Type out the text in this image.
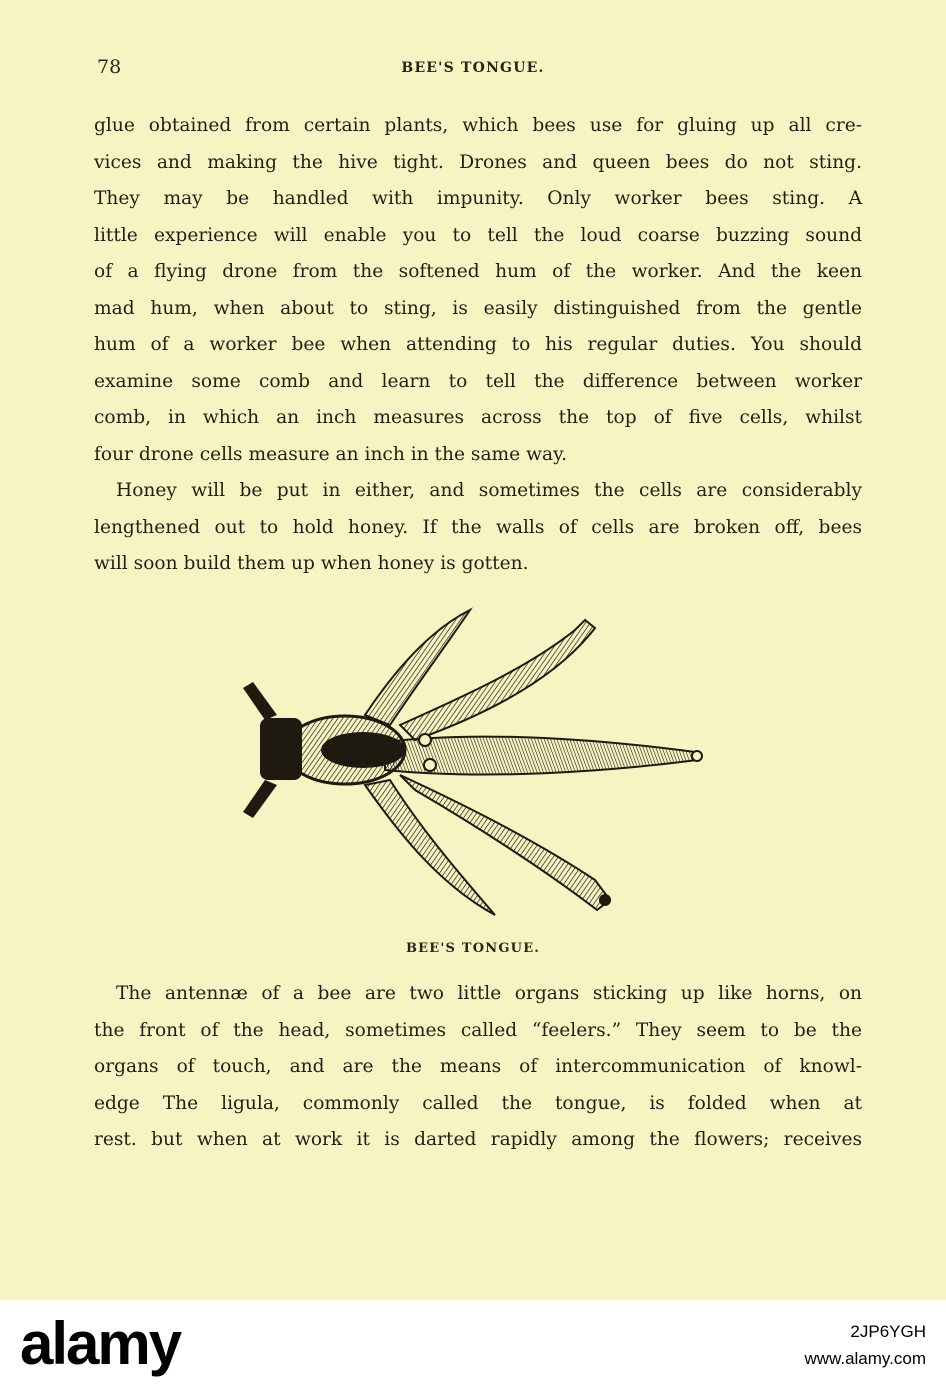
78	BEE'S TONGUE.
glue obtained from certain plants, which bees use for gluing up all cre-
vices and making the hive tight. Drones and queen bees do not sting.
They may be handled with impunity. Only worker bees sting. A
little experience will enable you to tell the loud coarse buzzing sound
of a flying drone from the softened hum of the worker. And the keen
mad hum, when about to sting, is easily distinguished from the gentle
hum of a worker bee when attending to his regular duties. You should
examine some comb and learn to tell the difference between worker
comb, in which an inch measures across the top of five cells, whilst
four drone cells measure an inch in the same way.
Honey will be put in either, and sometimes the cells are considerably
lengthened out to hold honey. If the walls of cells are broken off, bees
will soon build them up when honey is gotten.
BEE'S TONGUE.
The antennæ of a bee are two little organs sticking up like horns, on
the front of the head, sometimes called “feelers.” They seem to be the
organs of touch, and are the means of intercommunication of knowl-
edge The ligula, commonly called the tongue, is folded when at
rest. but when at work it is darted rapidly among the flowers; receives
alamy	2JP6YGH
www.alamy.com
